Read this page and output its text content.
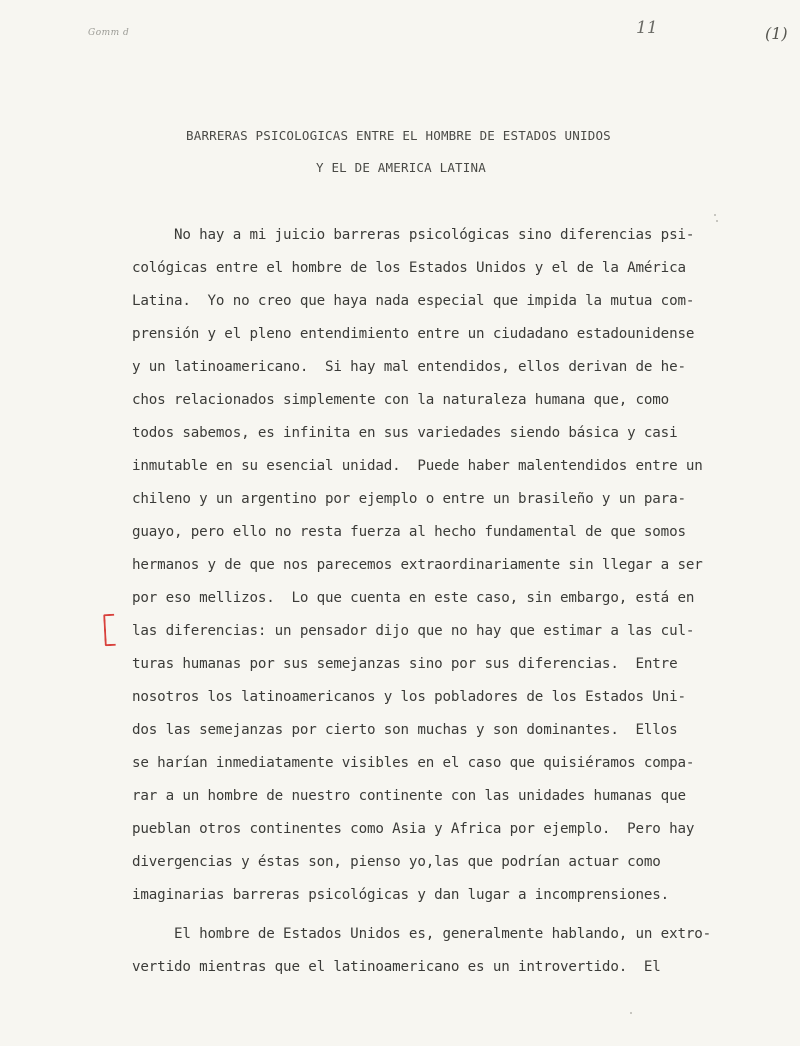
Gomm d	11	(1)
BARRERAS PSICOLOGICAS ENTRE EL HOMBRE DE ESTADOS UNIDOS
Y EL DE AMERICA LATINA
No hay a mi juicio barreras psicológicas sino diferencias psi-
cológicas entre el hombre de los Estados Unidos y el de la América
Latina.  Yo no creo que haya nada especial que impida la mutua com-
prensión y el pleno entendimiento entre un ciudadano estadounidense
y un latinoamericano.  Si hay mal entendidos, ellos derivan de he-
chos relacionados simplemente con la naturaleza humana que, como
todos sabemos, es infinita en sus variedades siendo básica y casi
inmutable en su esencial unidad.  Puede haber malentendidos entre un
chileno y un argentino por ejemplo o entre un brasileño y un para-
guayo, pero ello no resta fuerza al hecho fundamental de que somos
hermanos y de que nos parecemos extraordinariamente sin llegar a ser
por eso mellizos.  Lo que cuenta en este caso, sin embargo, está en
las diferencias: un pensador dijo que no hay que estimar a las cul-
turas humanas por sus semejanzas sino por sus diferencias.  Entre
nosotros los latinoamericanos y los pobladores de los Estados Uni-
dos las semejanzas por cierto son muchas y son dominantes.  Ellos
se harían inmediatamente visibles en el caso que quisiéramos compa-
rar a un hombre de nuestro continente con las unidades humanas que
pueblan otros continentes como Asia y Africa por ejemplo.  Pero hay
divergencias y éstas son, pienso yo,las que podrían actuar como
imaginarias barreras psicológicas y dan lugar a incomprensiones.
El hombre de Estados Unidos es, generalmente hablando, un extro-
vertido mientras que el latinoamericano es un introvertido.  El
